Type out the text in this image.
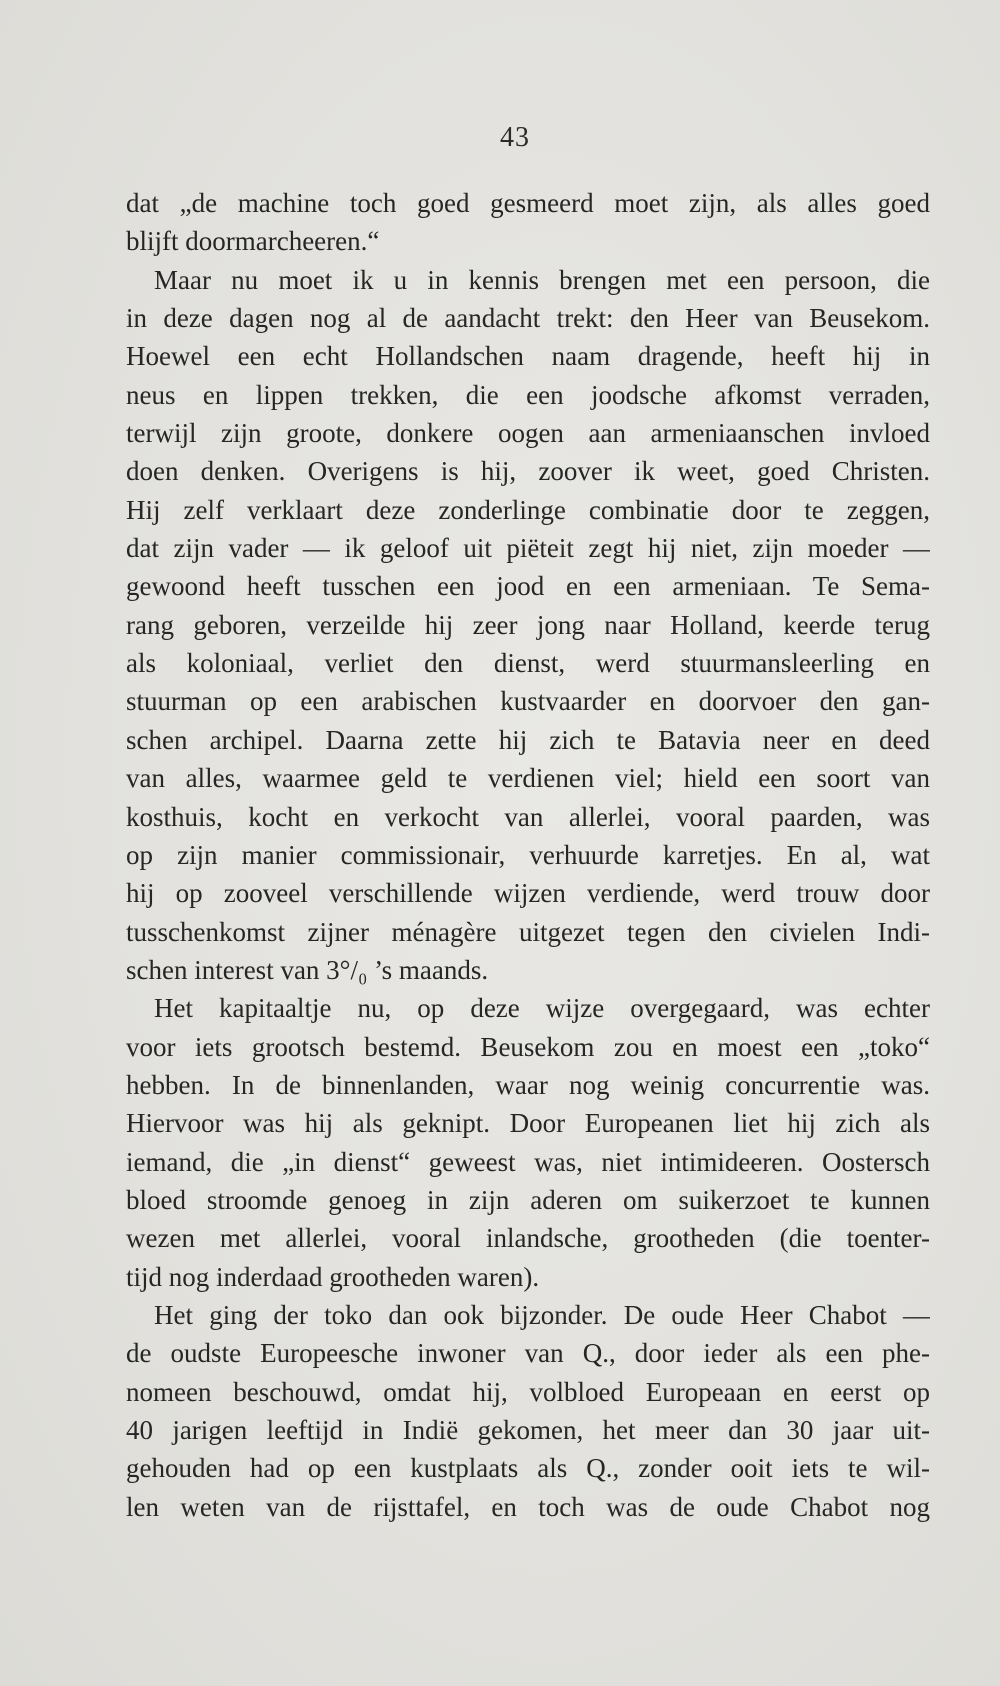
43
dat „de machine toch goed gesmeerd moet zijn, als alles goed
blijft doormarcheeren.“
Maar nu moet ik u in kennis brengen met een persoon, die
in deze dagen nog al de aandacht trekt: den Heer van Beusekom.
Hoewel een echt Hollandschen naam dragende, heeft hij in
neus en lippen trekken, die een joodsche afkomst verraden,
terwijl zijn groote, donkere oogen aan armeniaanschen invloed
doen denken. Overigens is hij, zoover ik weet, goed Christen.
Hij zelf verklaart deze zonderlinge combinatie door te zeggen,
dat zijn vader — ik geloof uit piëteit zegt hij niet, zijn moeder —
gewoond heeft tusschen een jood en een armeniaan. Te Sema-
rang geboren, verzeilde hij zeer jong naar Holland, keerde terug
als koloniaal, verliet den dienst, werd stuurmansleerling en
stuurman op een arabischen kustvaarder en doorvoer den gan-
schen archipel. Daarna zette hij zich te Batavia neer en deed
van alles, waarmee geld te verdienen viel; hield een soort van
kosthuis, kocht en verkocht van allerlei, vooral paarden, was
op zijn manier commissionair, verhuurde karretjes. En al, wat
hij op zooveel verschillende wijzen verdiende, werd trouw door
tusschenkomst zijner ménagère uitgezet tegen den civielen Indi-
schen interest van 3°/₀ ’s maands.
Het kapitaaltje nu, op deze wijze overgegaard, was echter
voor iets grootsch bestemd. Beusekom zou en moest een „toko“
hebben. In de binnenlanden, waar nog weinig concurrentie was.
Hiervoor was hij als geknipt. Door Europeanen liet hij zich als
iemand, die „in dienst“ geweest was, niet intimideeren. Oostersch
bloed stroomde genoeg in zijn aderen om suikerzoet te kunnen
wezen met allerlei, vooral inlandsche, grootheden (die toenter-
tijd nog inderdaad grootheden waren).
Het ging der toko dan ook bijzonder. De oude Heer Chabot —
de oudste Europeesche inwoner van Q., door ieder als een phe-
nomeen beschouwd, omdat hij, volbloed Europeaan en eerst op
40 jarigen leeftijd in Indië gekomen, het meer dan 30 jaar uit-
gehouden had op een kustplaats als Q., zonder ooit iets te wil-
len weten van de rijsttafel, en toch was de oude Chabot nog
